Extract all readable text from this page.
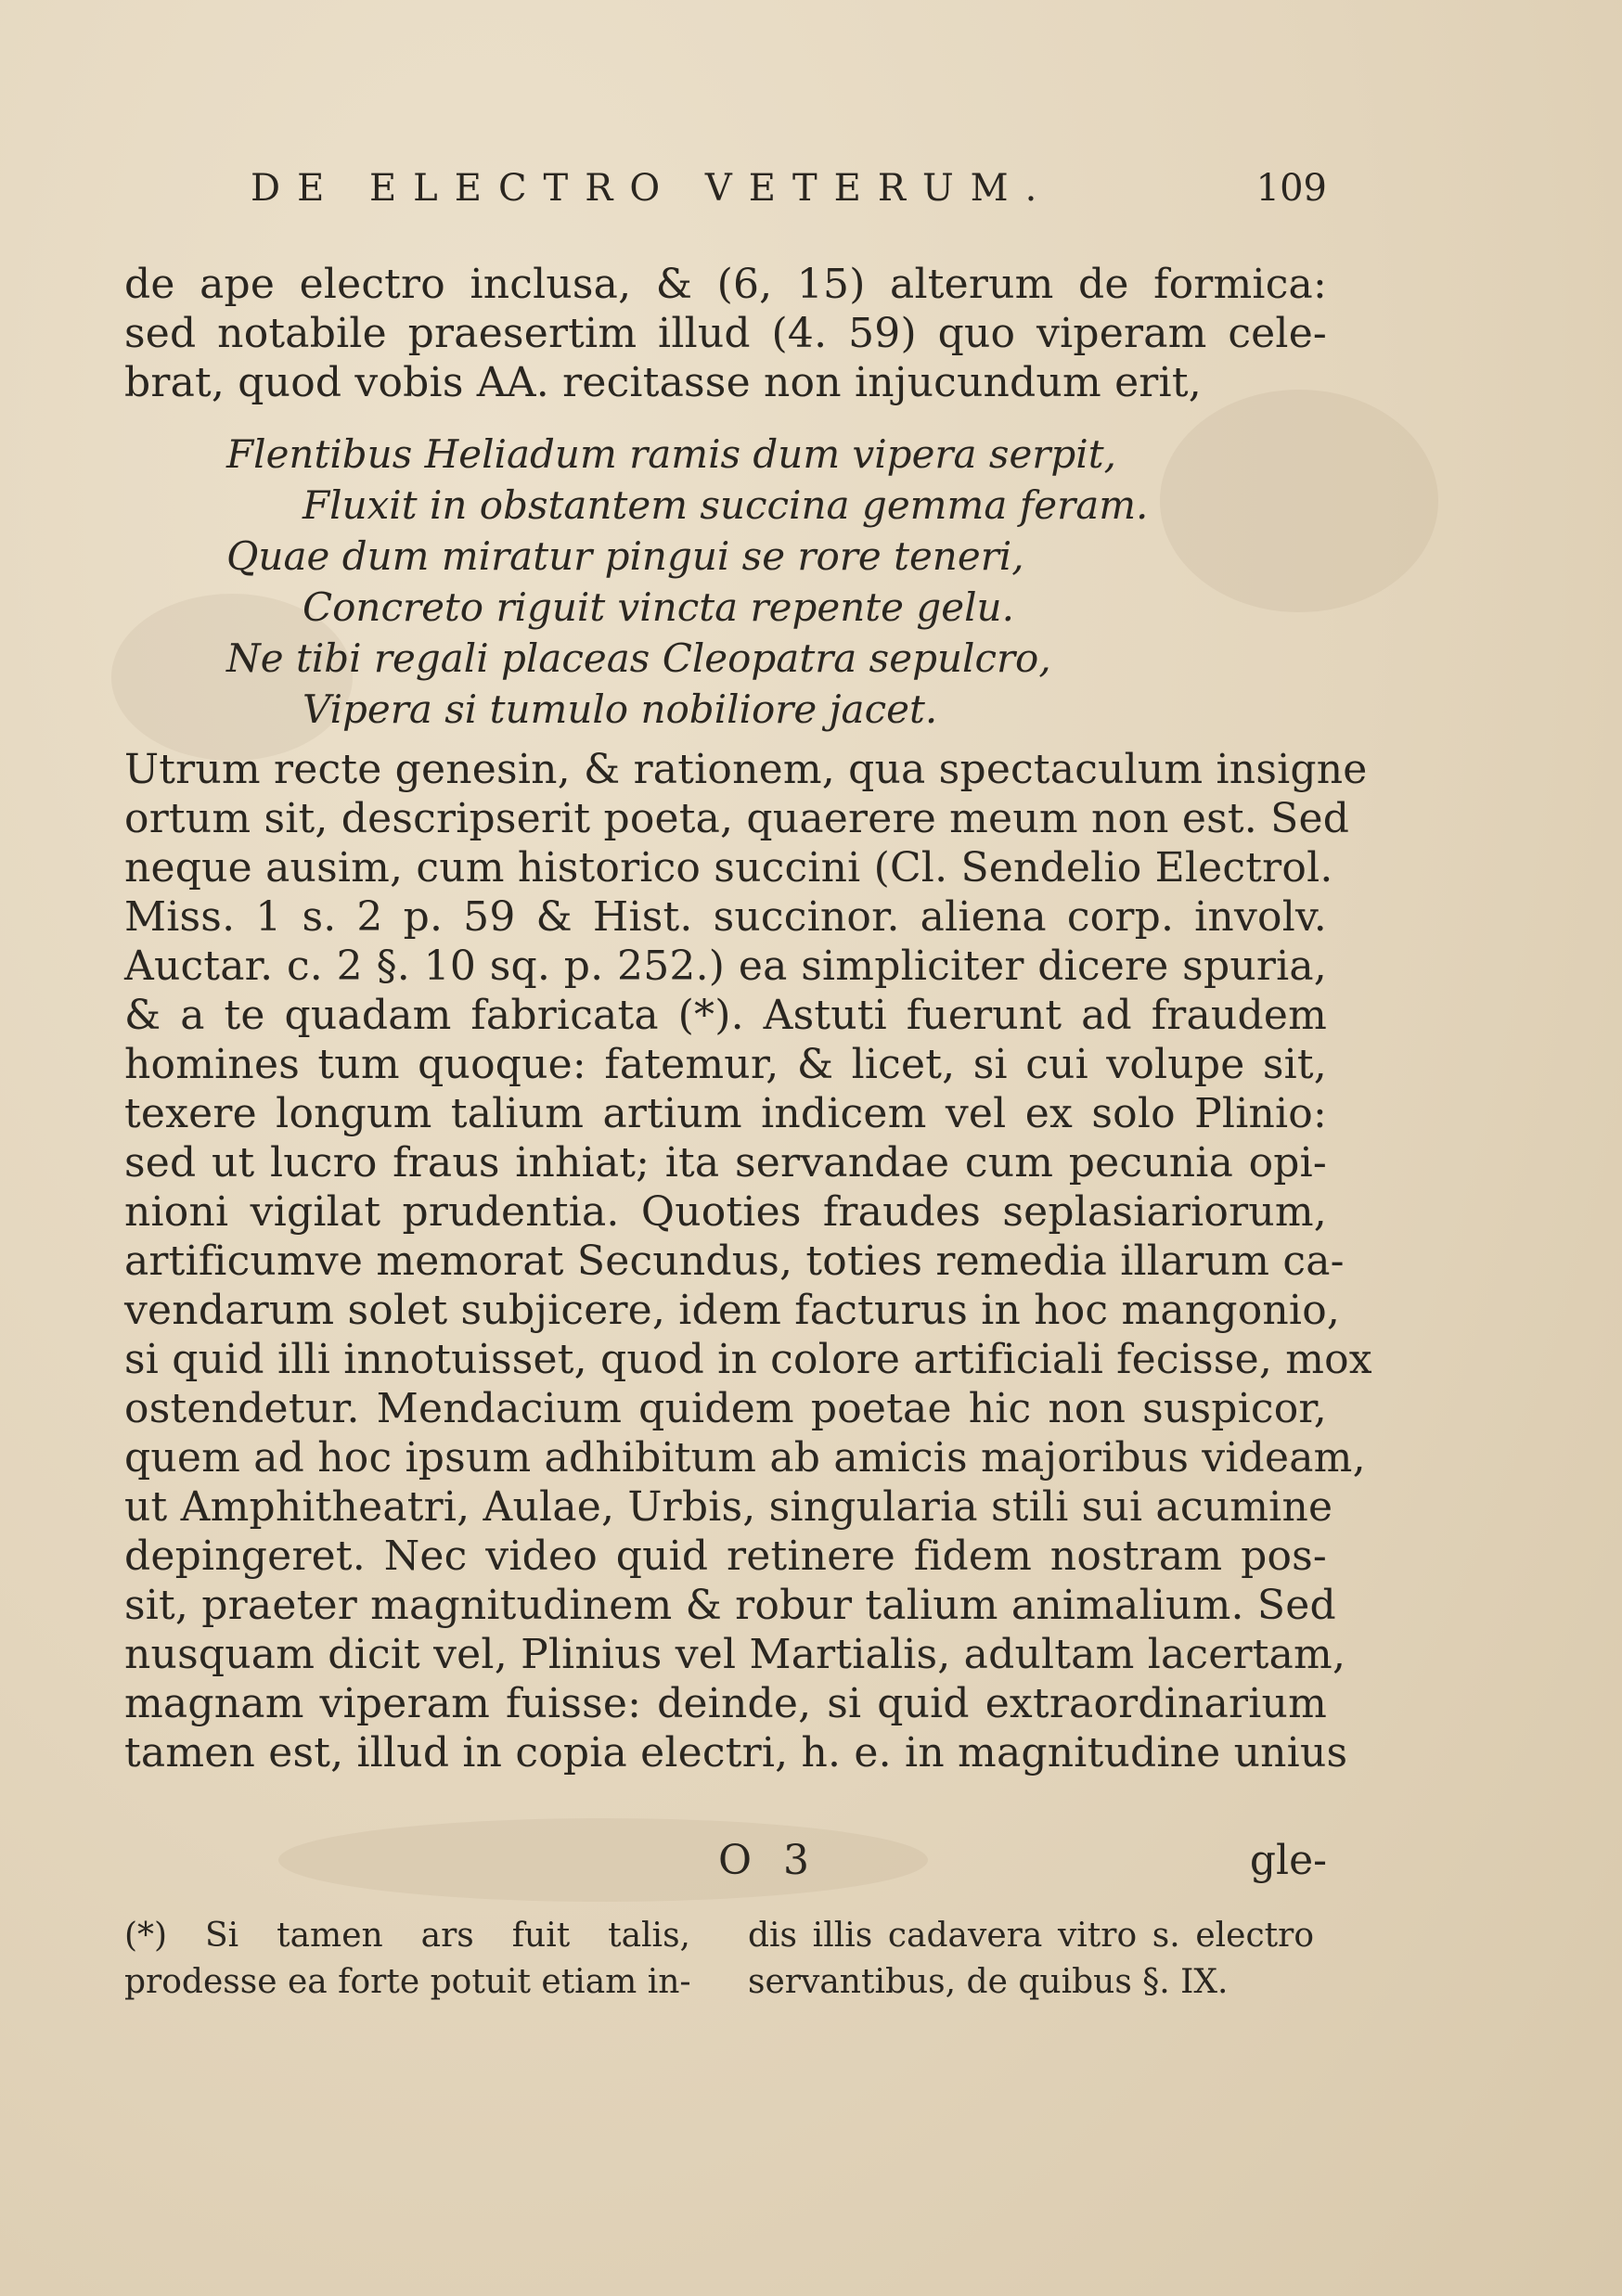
DE ELECTRO VETERUM.	109
de ape electro inclusa, & (6, 15) alterum de formica:
sed notabile praesertim illud (4. 59) quo viperam cele-
brat, quod vobis AA. recitasse non injucundum erit,
Flentibus Heliadum ramis dum vipera serpit,
Fluxit in obstantem succina gemma feram.
Quae dum miratur pingui se rore teneri,
Concreto riguit vincta repente gelu.
Ne tibi regali placeas Cleopatra sepulcro,
Vipera si tumulo nobiliore jacet.
Utrum recte genesin, & rationem, qua spectaculum insigne
ortum sit, descripserit poeta, quaerere meum non est. Sed
neque ausim, cum historico succini (Cl. Sendelio Electrol.
Miss. 1 s. 2 p. 59 & Hist. succinor. aliena corp. involv.
Auctar. c. 2 §. 10 sq. p. 252.) ea simpliciter dicere spuria,
& a te quadam fabricata (*). Astuti fuerunt ad fraudem
homines tum quoque: fatemur, & licet, si cui volupe sit,
texere longum talium artium indicem vel ex solo Plinio:
sed ut lucro fraus inhiat; ita servandae cum pecunia opi-
nioni vigilat prudentia. Quoties fraudes seplasiariorum,
artificumve memorat Secundus, toties remedia illarum ca-
vendarum solet subjicere, idem facturus in hoc mangonio,
si quid illi innotuisset, quod in colore artificiali fecisse, mox
ostendetur. Mendacium quidem poetae hic non suspicor,
quem ad hoc ipsum adhibitum ab amicis majoribus videam,
ut Amphitheatri, Aulae, Urbis, singularia stili sui acumine
depingeret. Nec video quid retinere fidem nostram pos-
sit, praeter magnitudinem & robur talium animalium. Sed
nusquam dicit vel, Plinius vel Martialis, adultam lacertam,
magnam viperam fuisse: deinde, si quid extraordinarium
tamen est, illud in copia electri, h. e. in magnitudine unius
O 3	gle-
(*) Si tamen ars fuit talis,
prodesse ea forte potuit etiam in-
dis illis cadavera vitro s. electro
servantibus, de quibus §. IX.
